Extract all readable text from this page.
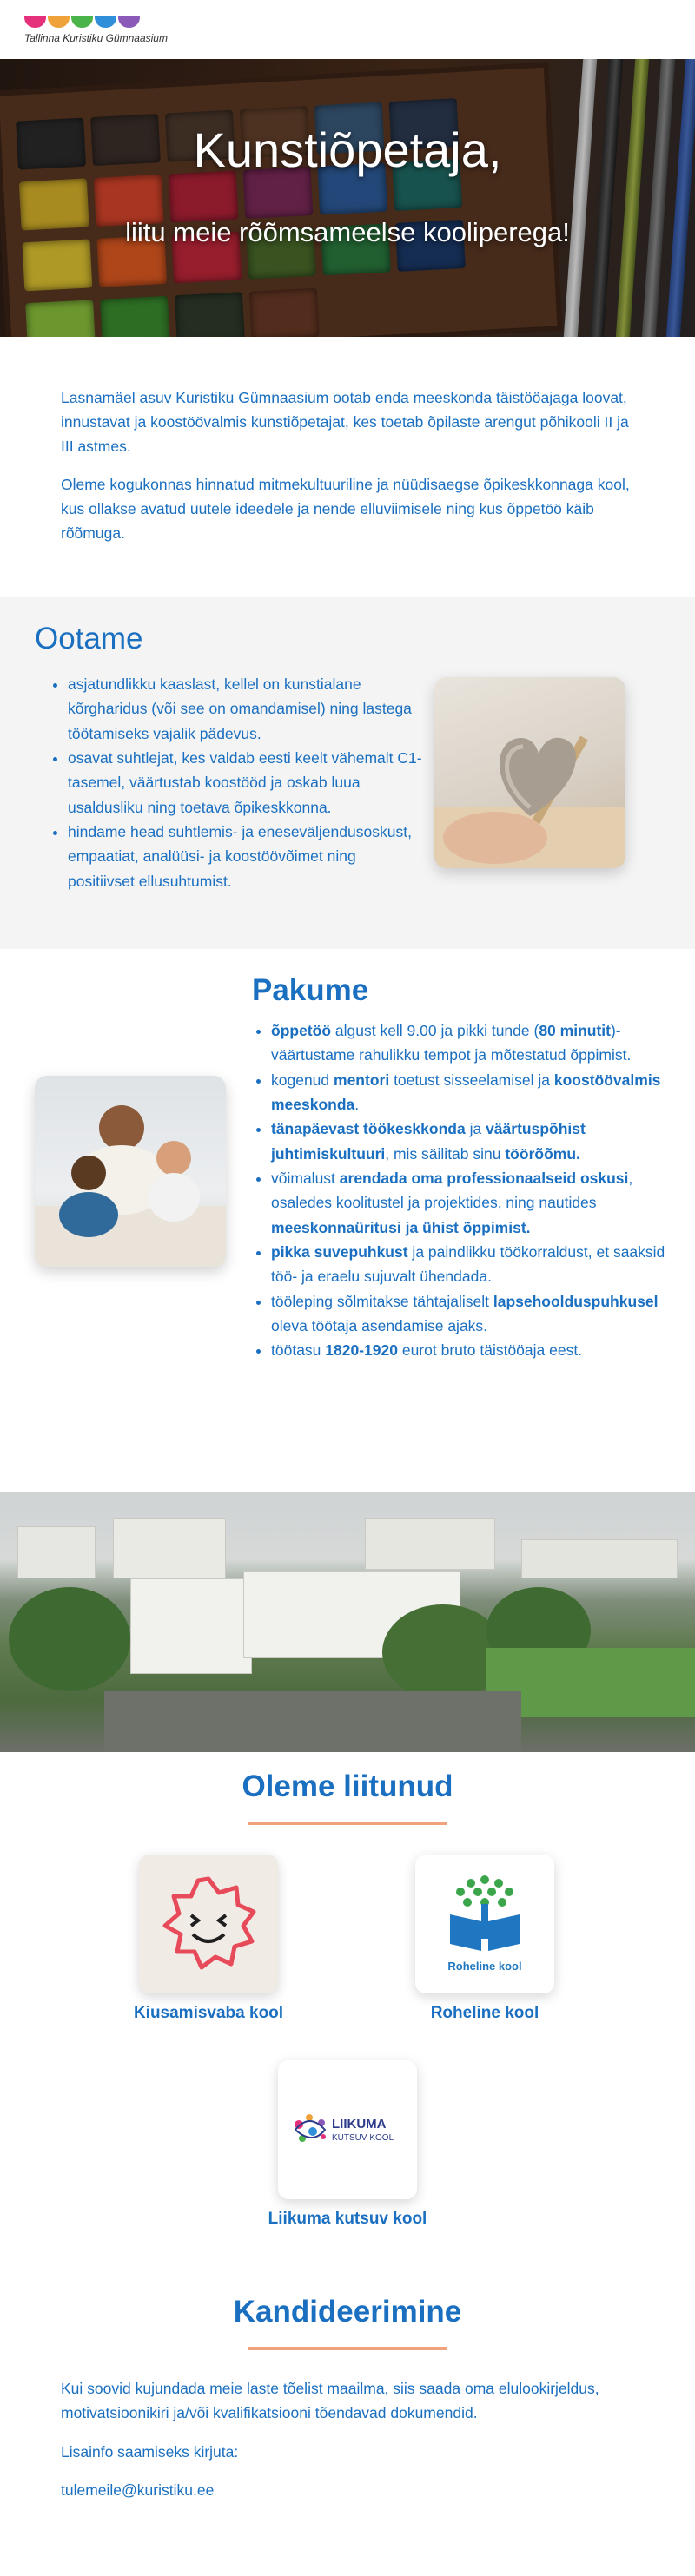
Tallinna Kuristiku Gümnaasium
Kunstiõpetaja,
liitu meie rõõmsameelse kooliperega!

Lasnamäel asuv Kuristiku Gümnaasium ootab enda meeskonda täistööajaga loovat, innustavat ja koostöövalmis kunstiõpetajat, kes toetab õpilaste arengut põhikooli II ja III astmes.

Oleme kogukonnas hinnatud mitmekultuuriline ja nüüdisaegse õpikeskkonnaga kool, kus ollakse avatud uutele ideedele ja nende elluviimisele ning kus õppetöö käib rõõmuga.

Ootame
• asjatundlikku kaaslast, kellel on kunstialane kõrgharidus (või see on omandamisel) ning lastega töötamiseks vajalik pädevus.
• osavat suhtlejat, kes valdab eesti keelt vähemalt C1-tasemel, väärtustab koostööd ja oskab luua usaldusliku ning toetava õpikeskkonna.
• hindame head suhtlemis- ja eneseväljendusoskust, empaatiat, analüüsi- ja koostöövõimet ning positiivset ellusuhtumist.
Pakume
• õppetöö algust kell 9.00 ja pikki tunde (80 minutit)- väärtustame rahulikku tempot ja mõtestatud õppimist.
• kogenud mentori toetust sisseelamisel ja koostöövalmis meeskonda.
• tänapäevast töökeskkonda ja väärtuspõhist juhtimiskultuuri, mis säilitab sinu töörõõmu.
• võimalust arendada oma professionaalseid oskusi, osaledes koolitustel ja projektides, ning nautides meeskonnaüritusi ja ühist õppimist.
• pikka suvepuhkust ja paindlikku töökorraldust, et saaksid töö- ja eraelu sujuvalt ühendada.
• tööleping sõlmitakse tähtajaliselt lapsehoolduspuhkusel oleva töötaja asendamise ajaks.
• töötasu 1820-1920 eurot bruto täistööaja eest.
Oleme liitunud
Kiusamisvaba kool
Roheline kool
Roheline kool
LIIKUMA
KUTSUV KOOL
Liikuma kutsuv kool
Kandideerimine

Kui soovid kujundada meie laste tõelist maailma, siis saada oma elulookirjeldus, motivatsioonikiri ja/või kvalifikatsiooni tõendavad dokumendid.

Lisainfo saamiseks kirjuta:

tulemeile@kuristiku.ee
